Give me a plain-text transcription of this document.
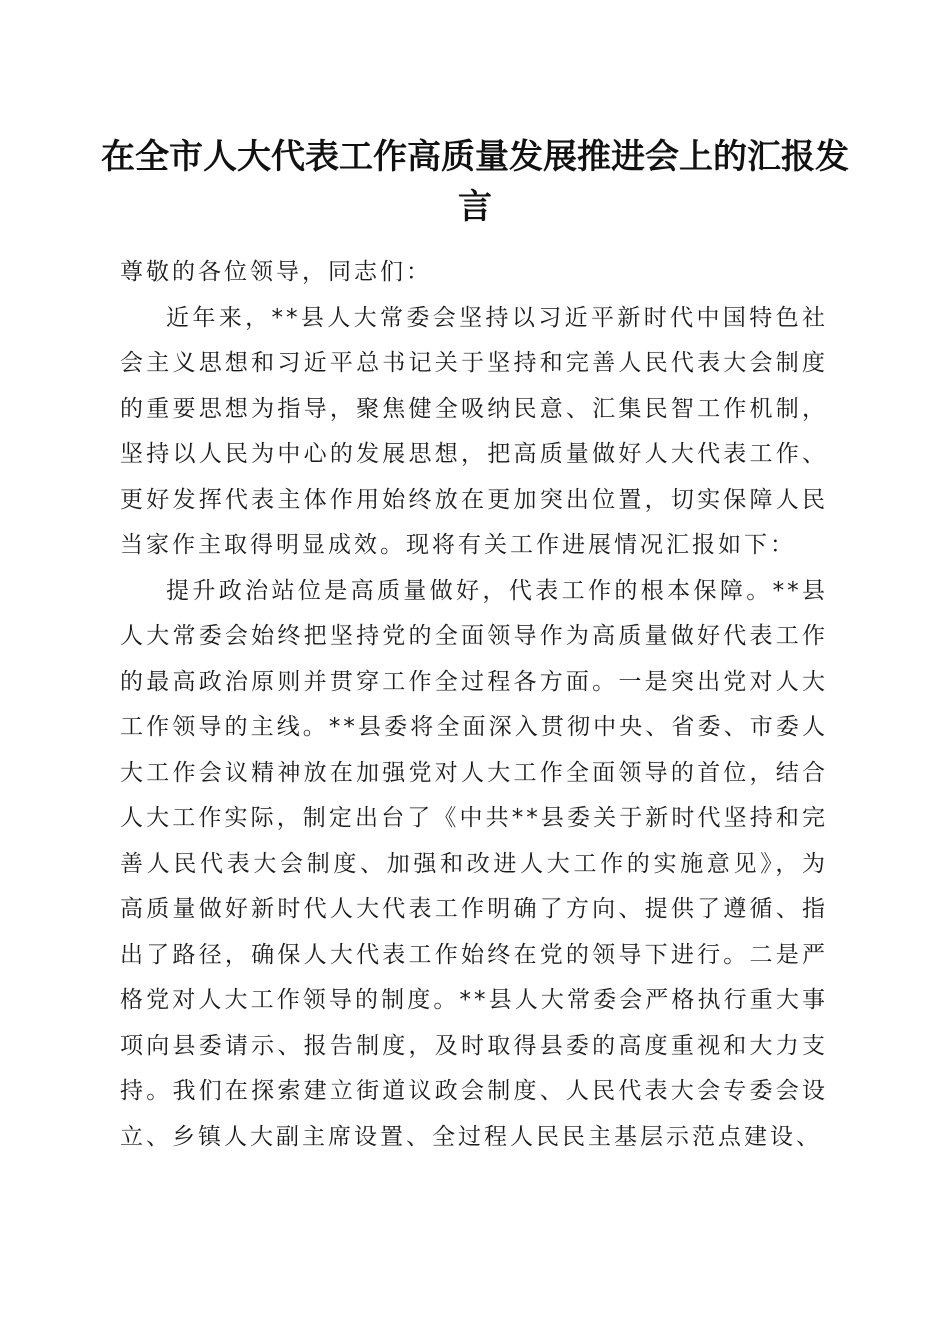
在全市人大代表工作高质量发展推进会上的汇报发言

尊敬的各位领导，同志们：

近年来，**县人大常委会坚持以习近平新时代中国特色社会主义思想和习近平总书记关于坚持和完善人民代表大会制度的重要思想为指导，聚焦健全吸纳民意、汇集民智工作机制，坚持以人民为中心的发展思想，把高质量做好人大代表工作、更好发挥代表主体作用始终放在更加突出位置，切实保障人民当家作主取得明显成效。现将有关工作进展情况汇报如下：

提升政治站位是高质量做好，代表工作的根本保障。**县人大常委会始终把坚持党的全面领导作为高质量做好代表工作的最高政治原则并贯穿工作全过程各方面。一是突出党对人大工作领导的主线。**县委将全面深入贯彻中央、省委、市委人大工作会议精神放在加强党对人大工作全面领导的首位，结合人大工作实际，制定出台了《中共**县委关于新时代坚持和完善人民代表大会制度、加强和改进人大工作的实施意见》，为高质量做好新时代人大代表工作明确了方向、提供了遵循、指出了路径，确保人大代表工作始终在党的领导下进行。二是严格党对人大工作领导的制度。**县人大常委会严格执行重大事项向县委请示、报告制度，及时取得县委的高度重视和大力支持。我们在探索建立街道议政会制度、人民代表大会专委会设立、乡镇人大副主席设置、全过程人民民主基层示范点建设、
